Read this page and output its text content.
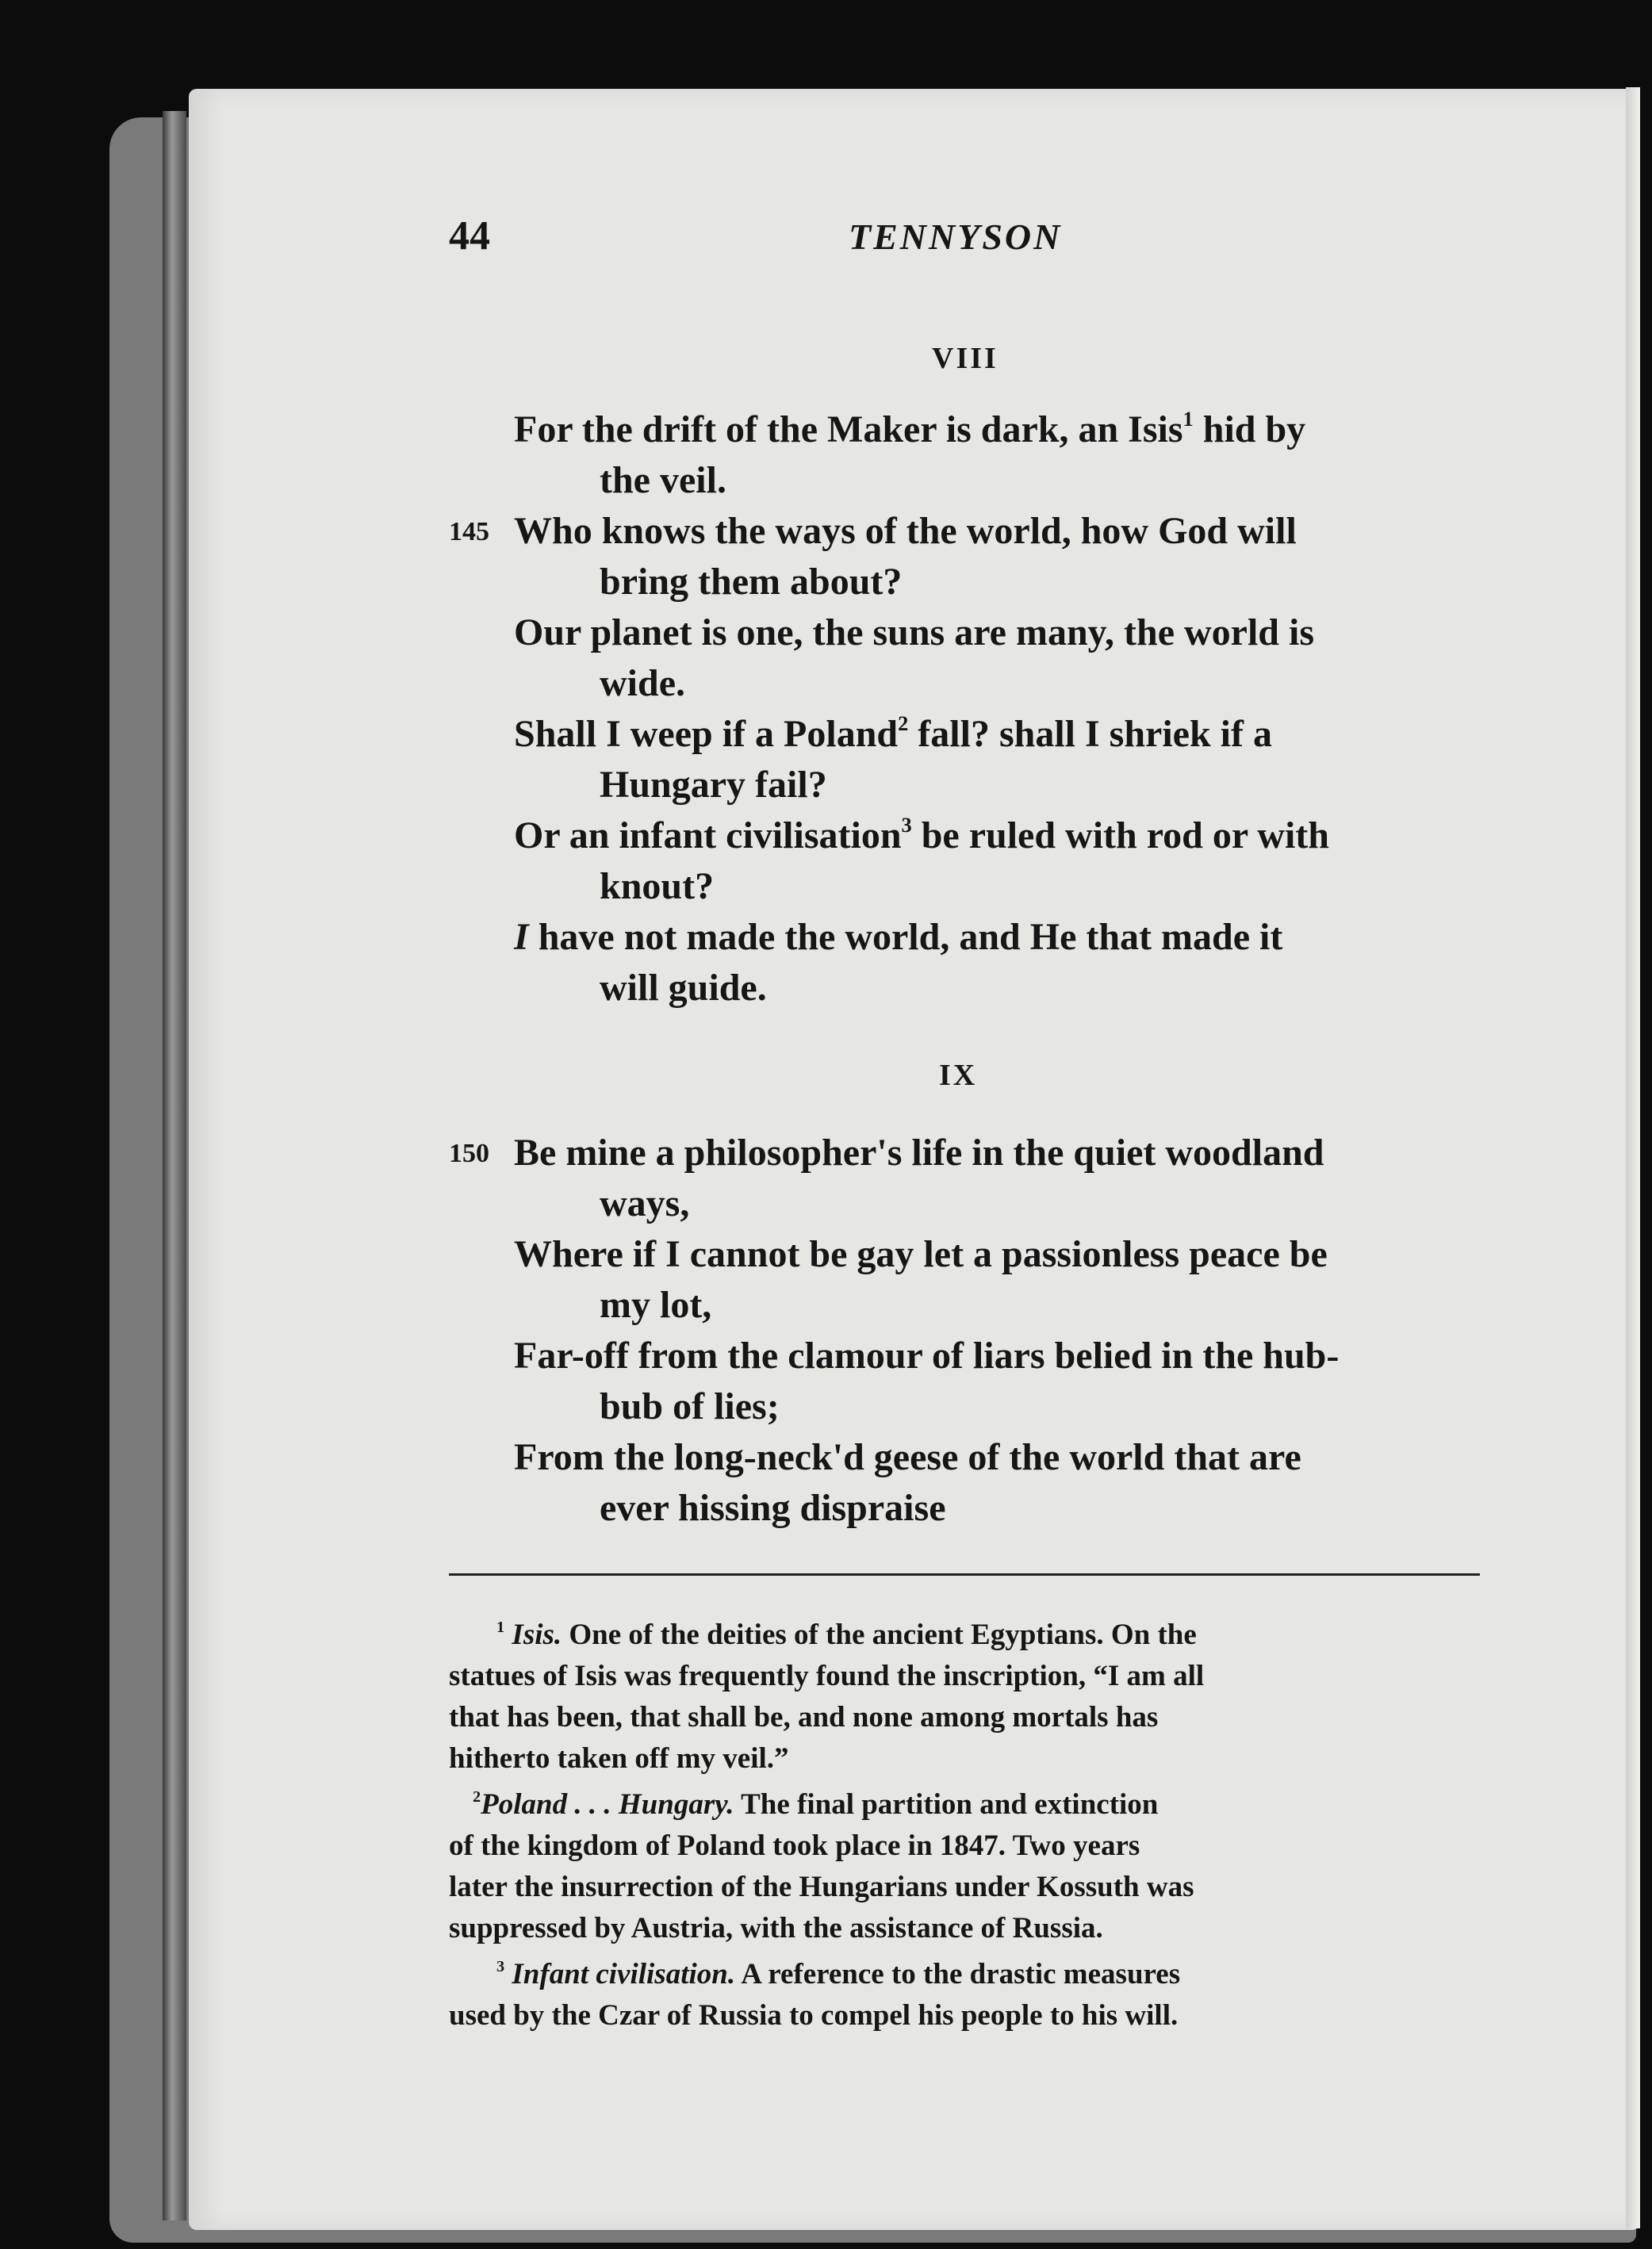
44	TENNYSON
VIII
For the drift of the Maker is dark, an Isis$^1$ hid by
the veil.
145 Who knows the ways of the world, how God will
bring them about?
Our planet is one, the suns are many, the world is
wide.
Shall I weep if a Poland$^2$ fall? shall I shriek if a
Hungary fail?
Or an infant civilisation$^3$ be ruled with rod or with
knout?
I have not made the world, and He that made it
will guide.
IX
150 Be mine a philosopher's life in the quiet woodland
ways,
Where if I cannot be gay let a passionless peace be
my lot,
Far-off from the clamour of liars belied in the hub-
bub of lies;
From the long-neck'd geese of the world that are
ever hissing dispraise
$^1$ Isis. One of the deities of the ancient Egyptians. On the
statues of Isis was frequently found the inscription, “I am all
that has been, that shall be, and none among mortals has
hitherto taken off my veil.”
$^2$Poland . . . Hungary. The final partition and extinction
of the kingdom of Poland took place in 1847. Two years
later the insurrection of the Hungarians under Kossuth was
suppressed by Austria, with the assistance of Russia.
$^3$ Infant civilisation. A reference to the drastic measures
used by the Czar of Russia to compel his people to his will.
